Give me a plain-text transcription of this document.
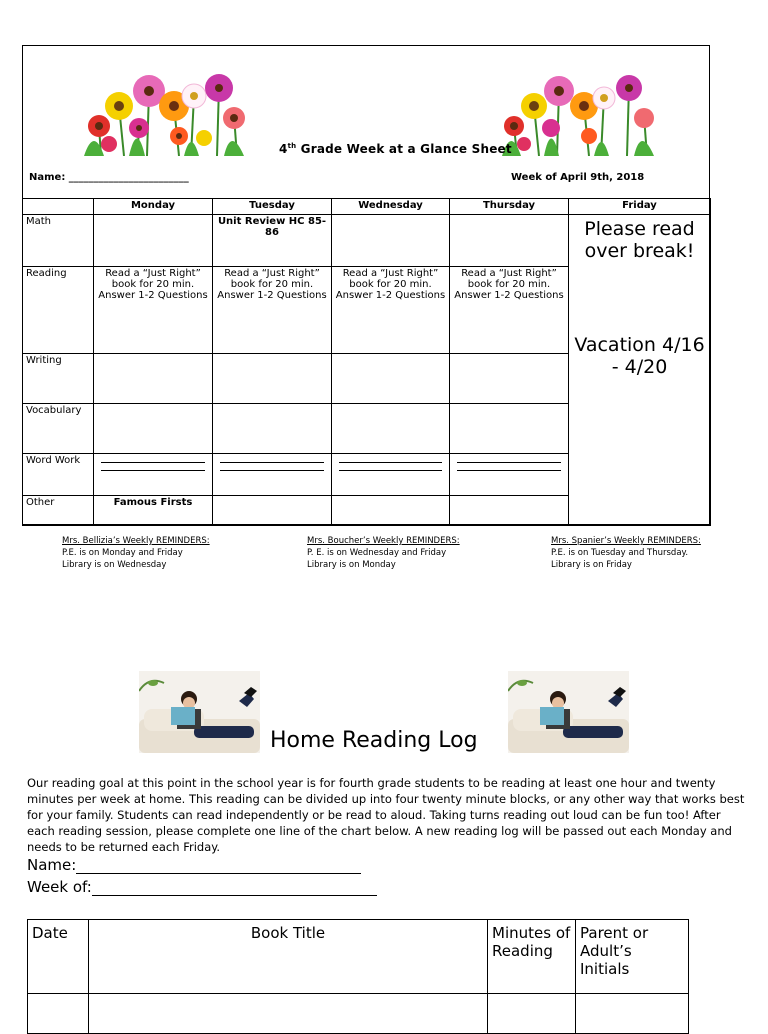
4th Grade Week at a Glance Sheet
Name: ________________________	Week of April 9th, 2018
	Monday	Tuesday	Wednesday	Thursday	Friday
Math		Unit Review HC 85-86			Please read over break!
Vacation 4/16 - 4/20

Reading	Read a “Just Right” book for 20 min. Answer 1-2 Questions	Read a “Just Right” book for 20 min. Answer 1-2 Questions	Read a “Just Right” book for 20 min. Answer 1-2 Questions	Read a “Just Right” book for 20 min. Answer 1-2 Questions	
Writing					
Vocabulary					
Word Work		

Other	Famous Firsts				
Mrs. Bellizia’s Weekly REMINDERS:
P.E. is on Monday and Friday
Library is on Wednesday
Mrs. Boucher’s Weekly REMINDERS:
P. E. is on Wednesday and Friday
Library is on Monday
Mrs. Spanier’s Weekly REMINDERS:
P.E. is on Tuesday and Thursday.
Library is on Friday
Home Reading Log
Our reading goal at this point in the school year is for fourth grade students to be reading at least one hour and twenty minutes per week at home. This reading can be divided up into four twenty minute blocks, or any other way that works best for your family. Students can read independently or be read to aloud. Taking turns reading out loud can be fun too! After each reading session, please complete one line of the chart below. A new reading log will be passed out each Monday and needs to be returned each Friday.
Name:
Week of:
Date	Book Title	Minutes of Reading	Parent or Adult’s Initials
